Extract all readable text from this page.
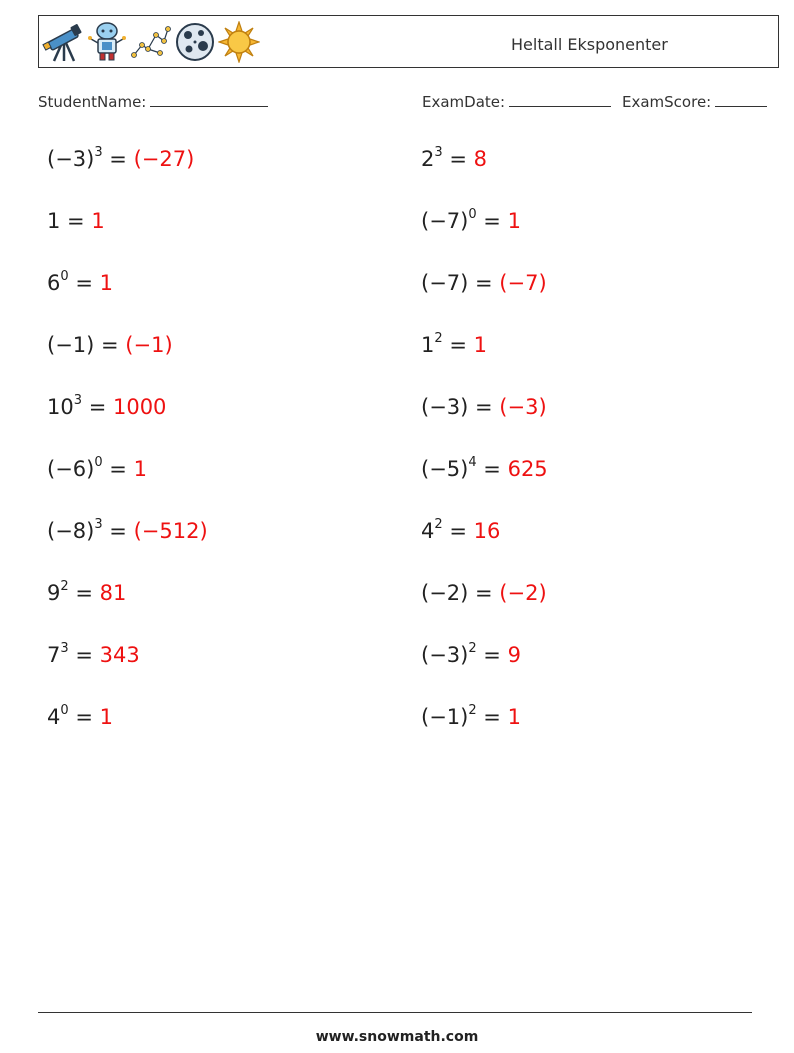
Heltall Eksponenter
StudentName:	ExamDate:	ExamScore:
$(-3)^3 = (-27)$
1 = 1
$6^0 = 1$
(−1) = (−1)
$10^3 = 1000$
$(-6)^0 = 1$
$(-8)^3 = (-512)$
$9^2 = 81$
$7^3 = 343$
$4^0 = 1$
$2^3 = 8$
$(-7)^0 = 1$
(−7) = (−7)
$1^2 = 1$
(−3) = (−3)
$(-5)^4 = 625$
$4^2 = 16$
(−2) = (−2)
$(-3)^2 = 9$
$(-1)^2 = 1$
www.snowmath.com
